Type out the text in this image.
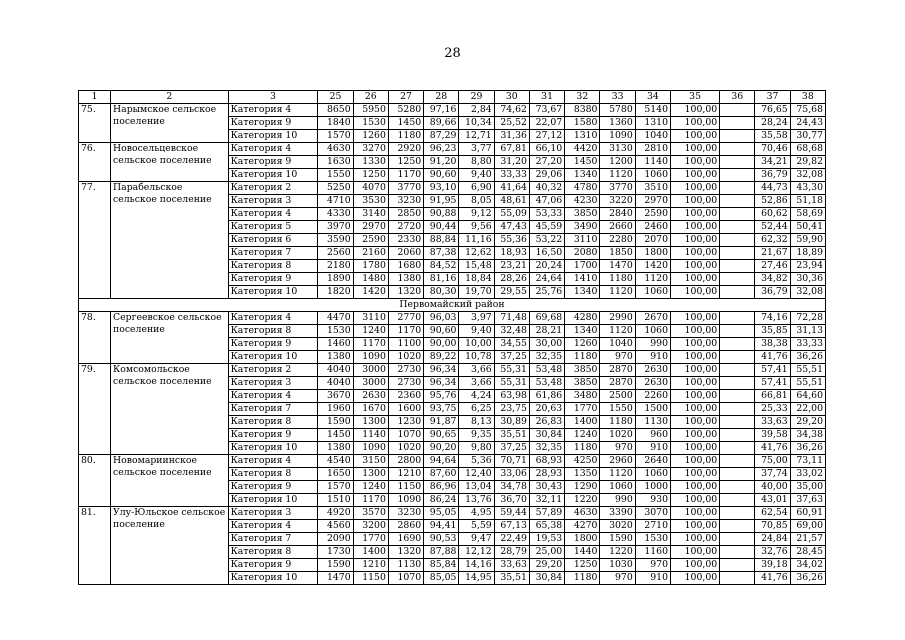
28
1	2	3	25	26	27	28	29	30	31	32	33	34	35	36	37	38
75.	Нарымское сельское поселение	Категория 4	8650	5950	5280	97,16	2,84	74,62	73,67	8380	5780	5140	100,00		76,65	75,68
		Категория 9	1840	1530	1450	89,66	10,34	25,52	22,07	1580	1360	1310	100,00		28,24	24,43
		Категория 10	1570	1260	1180	87,29	12,71	31,36	27,12	1310	1090	1040	100,00		35,58	30,77
76.	Новосельцевское сельское поселение	Категория 4	4630	3270	2920	96,23	3,77	67,81	66,10	4420	3130	2810	100,00		70,46	68,68
		Категория 9	1630	1330	1250	91,20	8,80	31,20	27,20	1450	1200	1140	100,00		34,21	29,82
		Категория 10	1550	1250	1170	90,60	9,40	33,33	29,06	1340	1120	1060	100,00		36,79	32,08
77.	Парабельское сельское поселение	Категория 2	5250	4070	3770	93,10	6,90	41,64	40,32	4780	3770	3510	100,00		44,73	43,30
		Категория 3	4710	3530	3230	91,95	8,05	48,61	47,06	4230	3220	2970	100,00		52,86	51,18
		Категория 4	4330	3140	2850	90,88	9,12	55,09	53,33	3850	2840	2590	100,00		60,62	58,69
		Категория 5	3970	2970	2720	90,44	9,56	47,43	45,59	3490	2660	2460	100,00		52,44	50,41
		Категория 6	3590	2590	2330	88,84	11,16	55,36	53,22	3110	2280	2070	100,00		62,32	59,90
		Категория 7	2560	2160	2060	87,38	12,62	18,93	16,50	2080	1850	1800	100,00		21,67	18,89
		Категория 8	2180	1780	1680	84,52	15,48	23,21	20,24	1700	1470	1420	100,00		27,46	23,94
		Категория 9	1890	1480	1380	81,16	18,84	28,26	24,64	1410	1180	1120	100,00		34,82	30,36
		Категория 10	1820	1420	1320	80,30	19,70	29,55	25,76	1340	1120	1060	100,00		36,79	32,08
Первомайский район																
78.	Сергеевское сельское поселение	Категория 4	4470	3110	2770	96,03	3,97	71,48	69,68	4280	2990	2670	100,00		74,16	72,28
		Категория 8	1530	1240	1170	90,60	9,40	32,48	28,21	1340	1120	1060	100,00		35,85	31,13
		Категория 9	1460	1170	1100	90,00	10,00	34,55	30,00	1260	1040	990	100,00		38,38	33,33
		Категория 10	1380	1090	1020	89,22	10,78	37,25	32,35	1180	970	910	100,00		41,76	36,26
79.	Комсомольское сельское поселение	Категория 2	4040	3000	2730	96,34	3,66	55,31	53,48	3850	2870	2630	100,00		57,41	55,51
		Категория 3	4040	3000	2730	96,34	3,66	55,31	53,48	3850	2870	2630	100,00		57,41	55,51
		Категория 4	3670	2630	2360	95,76	4,24	63,98	61,86	3480	2500	2260	100,00		66,81	64,60
		Категория 7	1960	1670	1600	93,75	6,25	23,75	20,63	1770	1550	1500	100,00		25,33	22,00
		Категория 8	1590	1300	1230	91,87	8,13	30,89	26,83	1400	1180	1130	100,00		33,63	29,20
		Категория 9	1450	1140	1070	90,65	9,35	35,51	30,84	1240	1020	960	100,00		39,58	34,38
		Категория 10	1380	1090	1020	90,20	9,80	37,25	32,35	1180	970	910	100,00		41,76	36,26
80.	Новомариинское сельское поселение	Категория 4	4540	3150	2800	94,64	5,36	70,71	68,93	4250	2960	2640	100,00		75,00	73,11
		Категория 8	1650	1300	1210	87,60	12,40	33,06	28,93	1350	1120	1060	100,00		37,74	33,02
		Категория 9	1570	1240	1150	86,96	13,04	34,78	30,43	1290	1060	1000	100,00		40,00	35,00
		Категория 10	1510	1170	1090	86,24	13,76	36,70	32,11	1220	990	930	100,00		43,01	37,63
81.	Улу-Юльское сельское поселение	Категория 3	4920	3570	3230	95,05	4,95	59,44	57,89	4630	3390	3070	100,00		62,54	60,91
		Категория 4	4560	3200	2860	94,41	5,59	67,13	65,38	4270	3020	2710	100,00		70,85	69,00
		Категория 7	2090	1770	1690	90,53	9,47	22,49	19,53	1800	1590	1530	100,00		24,84	21,57
		Категория 8	1730	1400	1320	87,88	12,12	28,79	25,00	1440	1220	1160	100,00		32,76	28,45
		Категория 9	1590	1210	1130	85,84	14,16	33,63	29,20	1250	1030	970	100,00		39,18	34,02
		Категория 10	1470	1150	1070	85,05	14,95	35,51	30,84	1180	970	910	100,00		41,76	36,26
